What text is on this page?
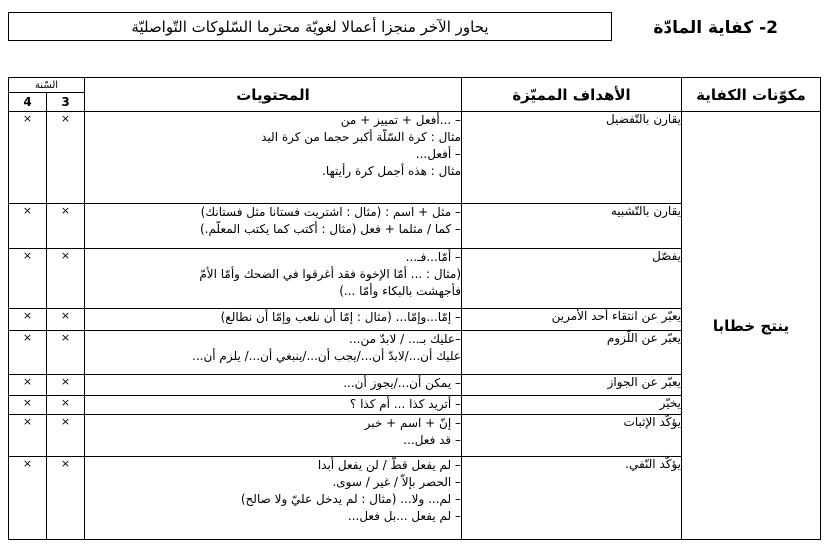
2- كفاية المادّة
يحاور الآخر منجزا أعمالا لغويّة محترما السّلوكات التّواصليّة
السّنة		المحتويات	الأهداف المميّزة	مكوّنات الكفاية
4	3			
×	×	– ...أفعل + تمييز + من
مثال : كرة السّلّة أكبر حجما من كرة اليد
– أفعل...
مثال : هذه أجمل كرة رأيتها.	يقارن بالتّفضيل	ينتج خطابا
×	×	– مثل + اسم : (مثال : اشتريت فستانا مثل فستانك)
– كما / مثلما + فعل (مثال : أكتب كما يكتب المعلّم.)	يقارن بالتّشبيه	

×	×	– أمّا...فـ...
(مثال : ... أمّا الإخوة فقد أغرقوا في الضحك وأمّا الأمّ
فأجهشت بالبكاء وأمّا ...)	يفصّل	

×	×	– إمّا...وإمّا... (مثال : إمّا أن نلعب وإمّا أن نطالع)	يعبّر عن انتقاء أحد الأمرين	

×	×	–عليك بـ... / لابدّ من...
عليك أن.../لابدّ أن.../يجب أن.../ينبغي أن.../ يلزم أن...	يعبّر عن اللّزوم	

×	×	– يمكن أن.../يجوز أن...	يعبّر عن الجواز	

×	×	– أتريد كذا ... أم كذا ؟	يخيّر	

×	×	– إنّ + اسم + خبر
– قد فعل...	يؤكّد الإثبات	

×	×	– لم يفعل قطّ / لن يفعل أبدا
– الحصر بإلاّ / غير / سوى.
– لم... ولا... (مثال : لم يدخل عليّ ولا صالح)
– لم يفعل ...بل فعل...	يؤكّد النّفي.	
